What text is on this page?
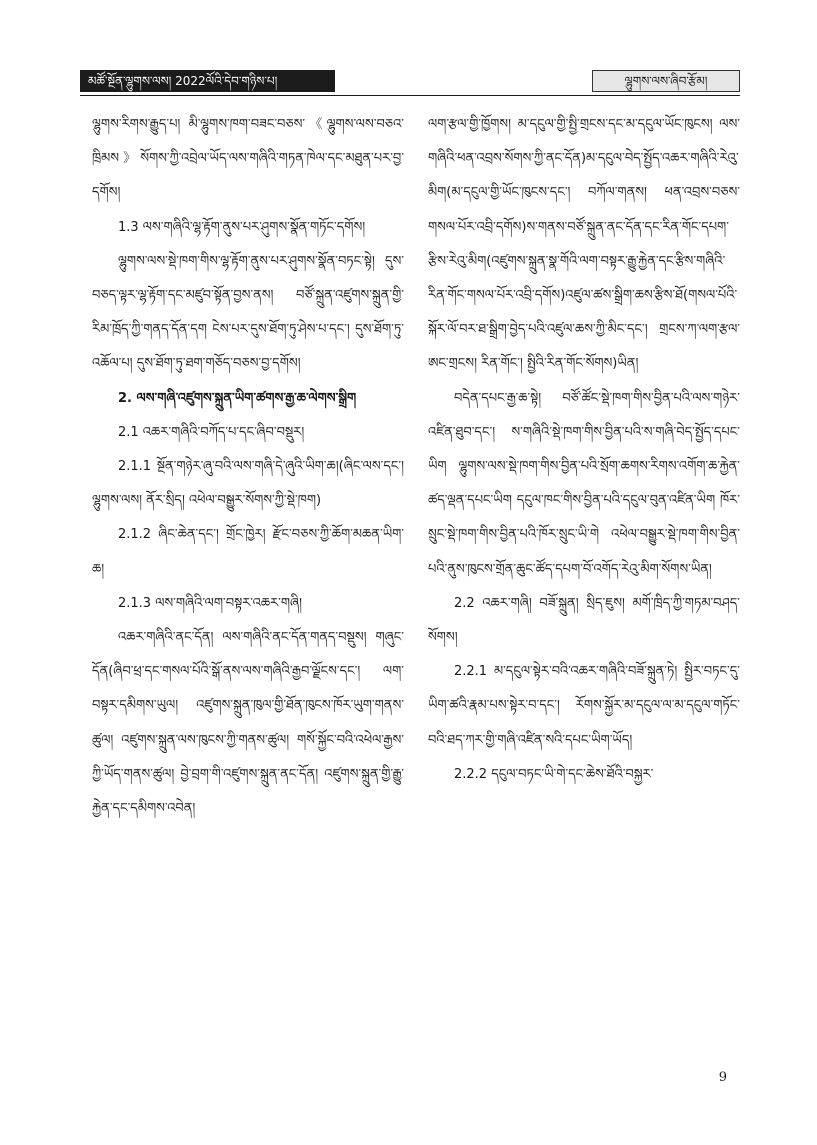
མཚོ་སྔོན་ལྷུགས་ལས། 2022ལོའི་དེབ་གཉིས་པ།	ལྷུགས་ལས་ཞིབ་རྩོམ།

ལྷུགས་རིགས་རྒྱུད་པ། མི་ལྷུགས་ཁག་བཟང་བཅས་《ལྷུགས་ལས་བཅའ་ཁྲིམས》སོགས་ཀྱི་འབྲེལ་ཡོད་ལས་གཞིའི་གཏན་ཁེལ་དང་མཐུན་པར་བྱ་དགོས།

1.3 ལས་གཞིའི་ལྷ་རྟོག་ནུས་པར་ཤུགས་སྣོན་གཏོང་དགོས།

ལྷུགས་ལས་སྡེ་ཁག་གིས་ལྷ་རྟོག་ནུས་པར་ཤུགས་སྣོན་བཏང་སྟེ། དུས་བཅད་ལྟར་ལྷ་རྟོག་དང་མཛུབ་སྟོན་བྱས་ནས། བཙོ་སྐྲུན་འཛུགས་སྐྲུན་གྱི་རིམ་ཁྲོད་ཀྱི་གནད་དོན་དག ངེས་པར་དུས་ཐོག་ཏུ་ཤེས་པ་དང་། དུས་ཐོག་ཏུ་འཆོལ་པ། དུས་ཐོག་ཏུ་ཐག་གཅོད་བཅས་བྱ་དགོས།

2. ལས་གཞི་འཛུགས་སྐྲུན་ཡིག་ཚགས་རྒྱ་ཆ་ལེགས་སྒྲིག

2.1 འཆར་གཞིའི་བཀོད་པ་དང་ཞིབ་བསྡུར།

2.1.1 སྔོན་གཉེར་ཞུ་བའི་ལས་གཞི་དེ་ཞུའི་ཡིག་ཆ།(ཞིང་ལས་དང་། ལྷུགས་ལས། ནོར་སྲིད། འཕེལ་བསྒྱུར་སོགས་ཀྱི་སྡེ་ཁག)

2.1.2 ཞིང་ཆེན་དང་། གྲོང་ཁྱེར། རྫོང་བཅས་ཀྱི་ཆོག་མཆན་ཡིག་ཆ།

2.1.3 ལས་གཞིའི་ལག་བསྟར་འཆར་གཞི།

འཆར་གཞིའི་ནང་དོན། ལས་གཞིའི་ནང་དོན་གནད་བསྡུས། གཞུང་དོན(ཞིབ་ཕྲ་དང་གསལ་པོའི་སྒོ་ནས་ལས་གཞིའི་རྒྱབ་ལྗོངས་དང་། ལག་བསྟར་དམིགས་ཡུལ། འཛུགས་སྐྲུན་ཁུལ་གྱི་ཐོན་ཁུངས་ཁོར་ཡུག་གནས་ཚུལ། འཛུགས་སྐྲུན་ལས་ཁུངས་ཀྱི་གནས་ཚུལ། གསོ་སྐྱོང་བའི་འཕེལ་རྒྱས་ཀྱི་ཡོད་གནས་ཚུལ། བྱེ་བྲག་གི་འཛུགས་སྐྲུན་ནང་དོན། འཛུགས་སྐྲུན་གྱི་རྒྱུ་རྐྱེན་དང་དམིགས་འབེན།

ལག་རྩལ་གྱི་ཁྱོགས། མ་དངུལ་གྱི་སྤྱི་གྲངས་དང་མ་དངུལ་ཡོང་ཁུངས། ལས་གཞིའི་ཕན་འབྲས་སོགས་ཀྱི་ནང་དོན)མ་དངུལ་བེད་སྤྱོད་འཆར་གཞིའི་རེའུ་མིག(མ་དངུལ་གྱི་ཡོང་ཁུངས་དང་། བཀོལ་གནས། ཕན་འབྲས་བཅས་གསལ་པོར་འབྲི་དགོས)ས་གནས་བཙོ་སྐྲུན་ནང་དོན་དང་རིན་གོང་དཔག་རྩིས་རེའུ་མིག(འཛུགས་སྐྲུན་སྣ་གོའི་ལག་བསྟར་རྒྱུ་རྐྱེན་དང་རྩིས་གཞིའི་རིན་གོང་གསལ་པོར་འབྲི་དགོས)འཛུལ་ཚས་སྒྲིག་ཆས་རྩིས་ཐོ(གསལ་པོའི་སྐོར་ལོ་བར་ཐ་སྒྲིག་བྱེད་པའི་འཛུལ་ཆས་ཀྱི་མིང་དང་། གྲངས་ཀ་ལག་རྩལ་ཨང་གྲངས། རིན་གོང་། སྤྱིའི་རིན་གོང་སོགས)ཡིན།

བདེན་དཔང་རྒྱ་ཆ་སྟེ། བཙོ་ཚོང་སྡེ་ཁག་གིས་བྱིན་པའི་ལས་གཉེར་འཛིན་ཐུབ་དང་། ས་གཞིའི་སྡེ་ཁག་གིས་བྱིན་པའི་ས་གཞི་བེད་སྤྱོད་དཔང་ཡིག ལྷུགས་ལས་སྡེ་ཁག་གིས་བྱིན་པའི་སྲོག་ཆགས་རིགས་འགོག་ཆ་རྐྱེན་ཚད་ལྡན་དཔང་ཡིག དངུལ་ཁང་གིས་བྱིན་པའི་དངུལ་བུན་འཛིན་ཡིག ཁོར་སྲུང་སྡེ་ཁག་གིས་བྱིན་པའི་ཁོར་སྲུང་ཡི་གེ འཕེལ་བསྒྱུར་སྡེ་ཁག་གིས་བྱིན་པའི་ནུས་ཁུངས་གྲོན་ཆུང་ཚོད་དཔག་བོ་འགོད་རེའུ་མིག་སོགས་ཡིན།

2.2 འཆར་གཞི། བཟོ་སྐྲུན། སྲིད་ཇུས། མགོ་ཁྲིད་ཀྱི་གཏམ་བཤད་སོགས།

2.2.1 མ་དངུལ་སྟེར་བའི་འཆར་གཞིའི་བཟོ་སྐྲུན་ཏེ། སྤྱིར་བཏང་དུ་ཡིག་ཚའི་རྣམ་པས་སྟེར་བ་དང་། རོགས་སྐྱོར་མ་དངུལ་ལ་མ་དངུལ་གཏོང་བའི་ཐད་ཀར་གྱི་གཞི་འཛིན་སའི་དཔང་ཡིག་ཡོད།

2.2.2 དངུལ་བཏང་ཡི་གེ་དང་ཆེས་ཐོའི་བསྐྱར་

9
